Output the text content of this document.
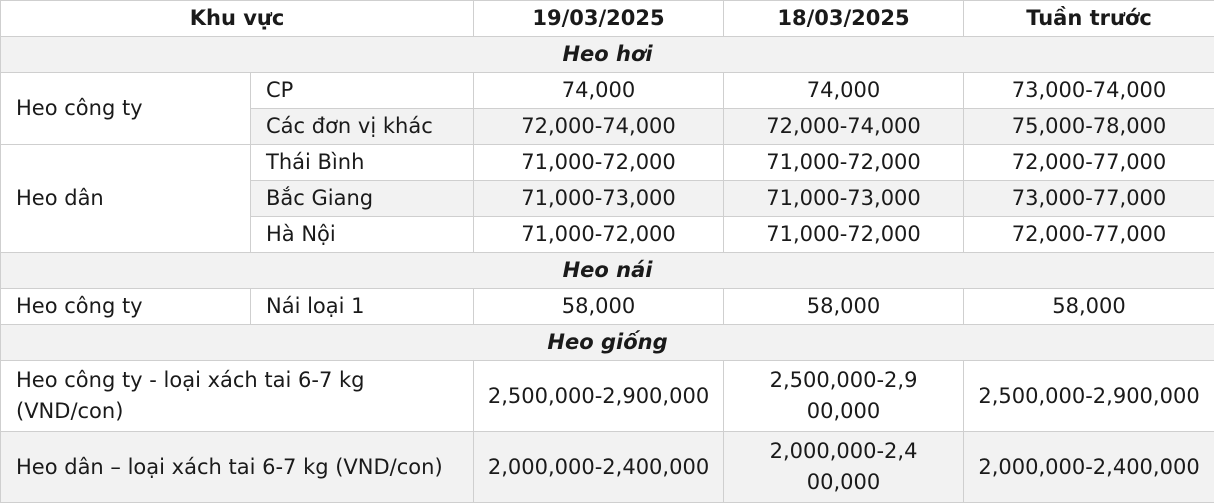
Khu vực		19/03/2025	18/03/2025	Tuần trước
Heo hơi				
Heo công ty	CP	74,000	74,000	73,000-74,000
	Các đơn vị khác	72,000-74,000	72,000-74,000	75,000-78,000
Heo dân	Thái Bình	71,000-72,000	71,000-72,000	72,000-77,000
	Bắc Giang	71,000-73,000	71,000-73,000	73,000-77,000
	Hà Nội	71,000-72,000	71,000-72,000	72,000-77,000
Heo nái				
Heo công ty	Nái loại 1	58,000	58,000	58,000
Heo giống				
Heo công ty - loại xách tai 6-7 kg (VND/con)		2,500,000-2,900,000	2,500,000-2,900,000	2,500,000-2,900,000
Heo dân – loại xách tai 6-7 kg (VND/con)		2,000,000-2,400,000	2,000,000-2,400,000	2,000,000-2,400,000
